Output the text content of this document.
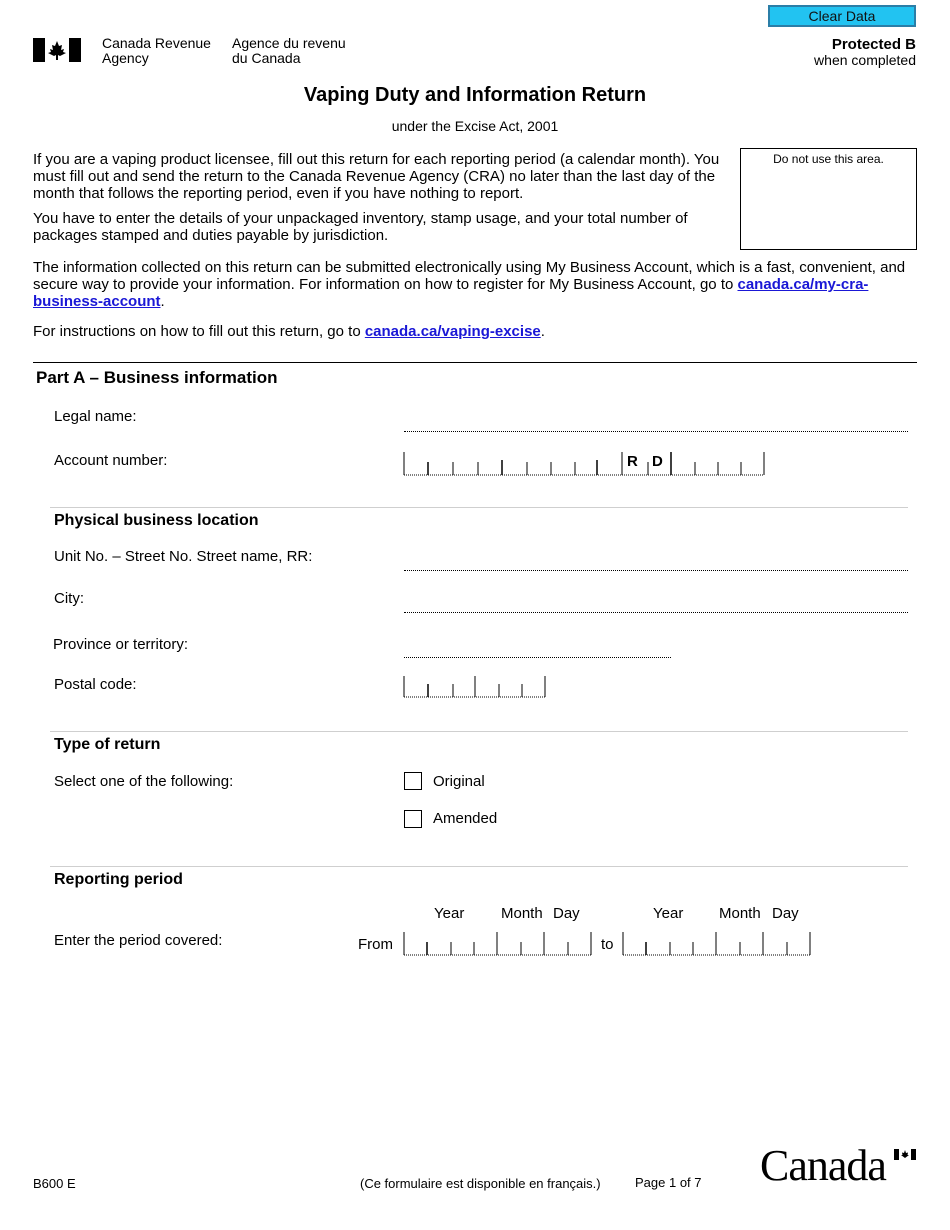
Canada Revenue
Agency
Agence du revenu
du Canada
Clear Data
Protected B
when completed
Vaping Duty and Information Return
under the Excise Act, 2001
Do not use this area.

If you are a vaping product licensee, fill out this return for each reporting period (a calendar month). You must fill out and send the return to the Canada Revenue Agency (CRA) no later than the last day of the month that follows the reporting period, even if you have nothing to report.

You have to enter the details of your unpackaged inventory, stamp usage, and your total number of packages stamped and duties payable by jurisdiction.

The information collected on this return can be submitted electronically using My Business Account, which is a fast, convenient, and secure way to provide your information. For information on how to register for My Business Account, go to canada.ca/my-cra-business-account.
For instructions on how to fill out this return, go to canada.ca/vaping-excise.
Part A – Business information
Legal name:
Account number:	R D
Physical business location
Unit No. – Street No. Street name, RR:
City:
Province or territory:
Postal code:
Type of return
Select one of the following:	Original
Amended
Reporting period
Year Month Day	Year Month Day
Enter the period covered:	From	to
B600 E	(Ce formulaire est disponible en français.)	Page 1 of 7 Canada
